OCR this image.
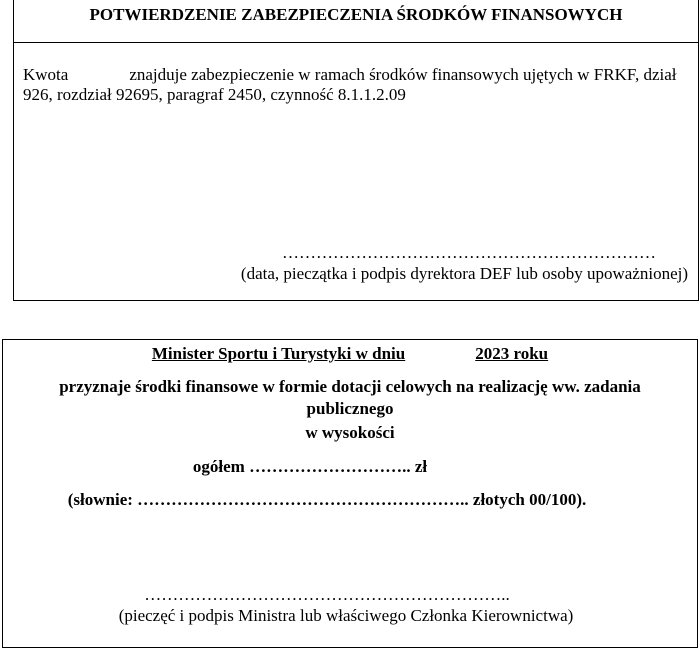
POTWIERDZENIE ZABEZPIECZENIA ŚRODKÓW FINANSOWYCH
Kwota	znajduje zabezpieczenie w ramach środków finansowych ujętych w FRKF, dział 926, rozdział 92695, paragraf 2450, czynność 8.1.1.2.09
…………………………………………………………
(data, pieczątka i podpis dyrektora DEF lub osoby upoważnionej)
Minister Sportu i Turystyki w dniu	2023 roku
przyznaje środki finansowe w formie dotacji celowych na realizację ww. zadania
publicznego
w wysokości
ogółem ……………………….. zł
(słownie: ………………………………………………….. złotych 00/100).
………………………………………………………..
(pieczęć i podpis Ministra lub właściwego Członka Kierownictwa)
